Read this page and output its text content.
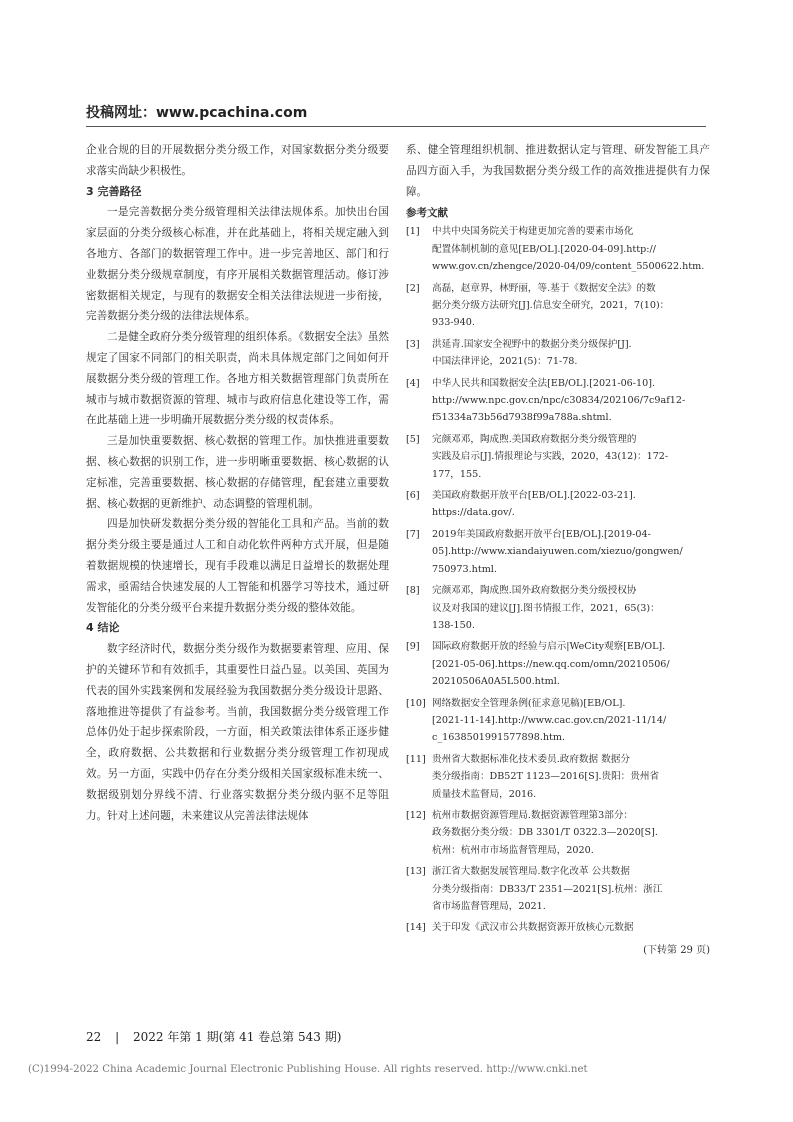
投稿网址：www.pcachina.com

企业合规的目的开展数据分类分级工作，对国家数据分类分级要求落实尚缺少积极性。

3 完善路径

一是完善数据分类分级管理相关法律法规体系。加快出台国家层面的分类分级核心标准，并在此基础上，将相关规定融入到各地方、各部门的数据管理工作中。进一步完善地区、部门和行业数据分类分级规章制度，有序开展相关数据管理活动。修订涉密数据相关规定，与现有的数据安全相关法律法规进一步衔接，完善数据分类分级的法律法规体系。

二是健全政府分类分级管理的组织体系。《数据安全法》虽然规定了国家不同部门的相关职责，尚未具体规定部门之间如何开展数据分类分级的管理工作。各地方相关数据管理部门负责所在城市与城市数据资源的管理、城市与政府信息化建设等工作，需在此基础上进一步明确开展数据分类分级的权责体系。

三是加快重要数据、核心数据的管理工作。加快推进重要数据、核心数据的识别工作，进一步明晰重要数据、核心数据的认定标准，完善重要数据、核心数据的存储管理，配套建立重要数据、核心数据的更新维护、动态调整的管理机制。

四是加快研发数据分类分级的智能化工具和产品。当前的数据分类分级主要是通过人工和自动化软件两种方式开展，但是随着数据规模的快速增长，现有手段难以满足日益增长的数据处理需求，亟需结合快速发展的人工智能和机器学习等技术，通过研发智能化的分类分级平台来提升数据分类分级的整体效能。

4 结论

数字经济时代，数据分类分级作为数据要素管理、应用、保护的关键环节和有效抓手，其重要性日益凸显。以美国、英国为代表的国外实践案例和发展经验为我国数据分类分级设计思路、落地推进等提供了有益参考。当前，我国数据分类分级管理工作总体仍处于起步探索阶段，一方面，相关政策法律体系正逐步健全，政府数据、公共数据和行业数据分类分级管理工作初现成效。另一方面，实践中仍存在分类分级相关国家级标准未统一、数据级别划分界线不清、行业落实数据分类分级内驱不足等阻力。针对上述问题，未来建议从完善法律法规体

系、健全管理组织机制、推进数据认定与管理、研发智能工具产品四方面入手，为我国数据分类分级工作的高效推进提供有力保障。

参考文献
[1]	中共中央国务院关于构建更加完善的要素市场化
配置体制机制的意见[EB/OL].[2020-04-09].http://
www.gov.cn/zhengce/2020-04/09/content_5500622.htm.
[2]	高磊，赵章界，林野丽，等.基于《数据安全法》的数
据分类分级方法研究[J].信息安全研究，2021，7(10)：
933-940.
[3]	洪延青.国家安全视野中的数据分类分级保护[J].
中国法律评论，2021(5)：71-78.
[4]	中华人民共和国数据安全法[EB/OL].[2021-06-10].
http://www.npc.gov.cn/npc/c30834/202106/7c9af12-
f51334a73b56d7938f99a788a.shtml.
[5]	完颜邓邓，陶成煦.美国政府数据分类分级管理的
实践及启示[J].情报理论与实践，2020，43(12)：172-
177，155.
[6]	美国政府数据开放平台[EB/OL].[2022-03-21].
https://data.gov/.
[7]	2019年美国政府数据开放平台[EB/OL].[2019-04-
05].http://www.xiandaiyuwen.com/xiezuo/gongwen/
750973.html.
[8]	完颜邓邓，陶成煦.国外政府数据分类分级授权协
议及对我国的建议[J].图书情报工作，2021，65(3)：
138-150.
[9]	国际政府数据开放的经验与启示|WeCity观察[EB/OL].
[2021-05-06].https://new.qq.com/omn/20210506/
20210506A0A5L500.html.
[10] 网络数据安全管理条例(征求意见稿)[EB/OL].
[2021-11-14].http://www.cac.gov.cn/2021-11/14/
c_1638501991577898.htm.
[11] 贵州省大数据标准化技术委员.政府数据 数据分
类分级指南：DB52T 1123—2016[S].贵阳：贵州省
质量技术监督局，2016.
[12] 杭州市数据资源管理局.数据资源管理第3部分：
政务数据分类分级：DB 3301/T 0322.3—2020[S].
杭州：杭州市市场监督管理局，2020.
[13] 浙江省大数据发展管理局.数字化改革 公共数据
分类分级指南：DB33/T 2351—2021[S].杭州：浙江
省市场监督管理局，2021.
[14] 关于印发《武汉市公共数据资源开放核心元数据
(下转第 29 页)
22 | 2022 年第 1 期(第 41 卷总第 543 期)
(C)1994-2022 China Academic Journal Electronic Publishing House. All rights reserved. http://www.cnki.net
